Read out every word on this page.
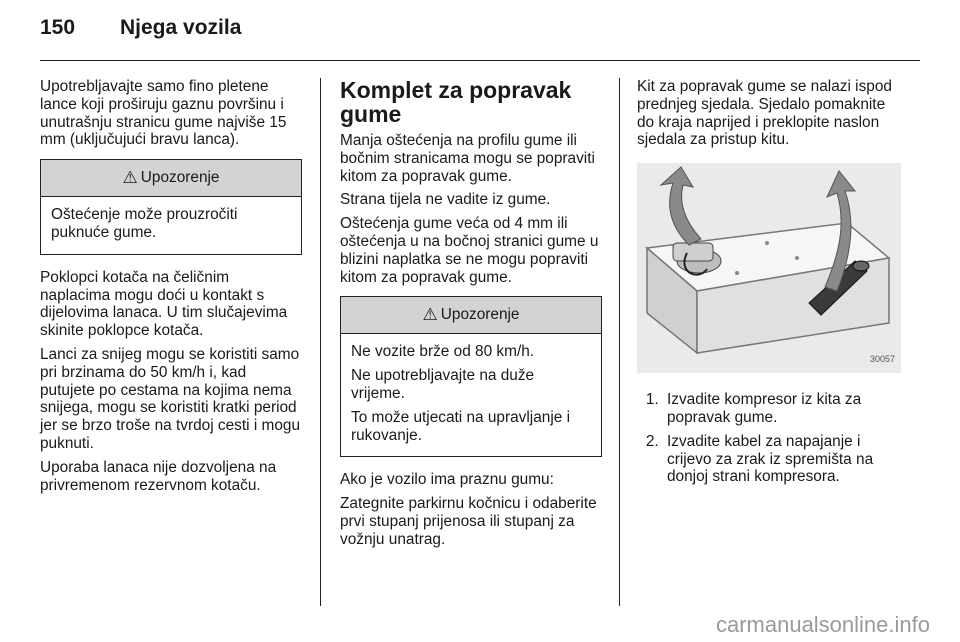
150 Njega vozila

Upotrebljavajte samo fino pletene lance koji proširuju gaznu površinu i unutrašnju stranicu gume najviše 15 mm (uključujući bravu lanca).

⚠ Upozorenje

Oštećenje može prouzročiti puknuće gume.

Poklopci kotača na čeličnim naplacima mogu doći u kontakt s dijelovima lanaca. U tim slučajevima skinite poklopce kotača.

Lanci za snijeg mogu se koristiti samo pri brzinama do 50 km/h i, kad putujete po cestama na kojima nema snijega, mogu se koristiti kratki period jer se brzo troše na tvrdoj cesti i mogu puknuti.

Uporaba lanaca nije dozvoljena na privremenom rezervnom kotaču.

Komplet za popravak gume

Manja oštećenja na profilu gume ili bočnim stranicama mogu se popraviti kitom za popravak gume.

Strana tijela ne vadite iz gume.

Oštećenja gume veća od 4 mm ili oštećenja u na bočnoj stranici gume u blizini naplatka se ne mogu popraviti kitom za popravak gume.

⚠ Upozorenje

Ne vozite brže od 80 km/h.

Ne upotrebljavajte na duže vrijeme.

To može utjecati na upravljanje i rukovanje.

Ako je vozilo ima praznu gumu:

Zategnite parkirnu kočnicu i odaberite prvi stupanj prijenosa ili stupanj za vožnju unatrag.

Kit za popravak gume se nalazi ispod prednjeg sjedala. Sjedalo pomaknite do kraja naprijed i preklopite naslon sjedala za pristup kitu.

30057
1. Izvadite kompresor iz kita za popravak gume.
2. Izvadite kabel za napajanje i crijevo za zrak iz spremišta na donjoj strani kompresora.
carmanualsonline.info
